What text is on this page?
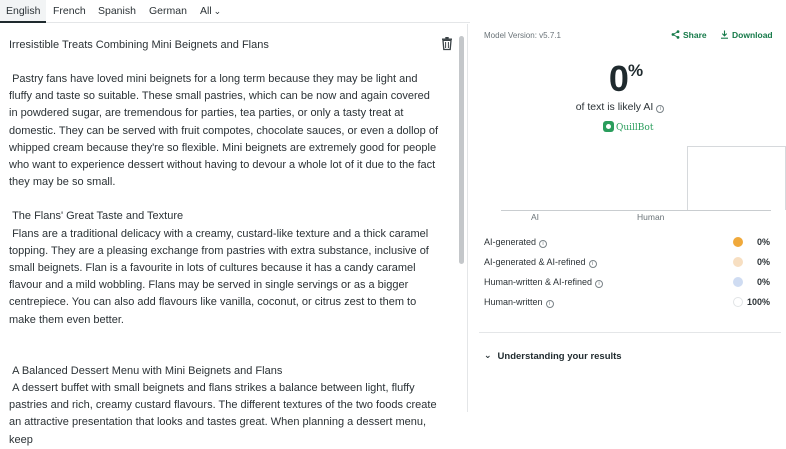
English	French	Spanish	German	All ⌄
Irresistible Treats Combining Mini Beignets and Flans

Pastry fans have loved mini beignets for a long term because they may be light and fluffy and taste so suitable. These small pastries, which can be now and again covered in powdered sugar, are tremendous for parties, tea parties, or only a tasty treat at domestic. They can be served with fruit compotes, chocolate sauces, or even a dollop of whipped cream because they're so flexible. Mini beignets are extremely good for people who want to experience dessert without having to devour a whole lot of it due to the fact they may be so small.

The Flans' Great Taste and Texture

Flans are a traditional delicacy with a creamy, custard-like texture and a thick caramel topping. They are a pleasing exchange from pastries with extra substance, inclusive of small beignets. Flan is a favourite in lots of cultures because it has a candy caramel flavour and a mild wobbling. Flans may be served in single servings or as a bigger centrepiece. You can also add flavours like vanilla, coconut, or citrus zest to them to make them even better.

A Balanced Dessert Menu with Mini Beignets and Flans

A dessert buffet with small beignets and flans strikes a balance between light, fluffy pastries and rich, creamy custard flavours. The different textures of the two foods create an attractive presentation that looks and tastes great. When planning a dessert menu, keep

Model Version: v5.7.1	Share	Download
0%
of text is likely AI i
QuillBot
AI	Human
AI-generated i	0%
AI-generated & AI-refined i	0%
Human-written & AI-refined i	0%
Human-written i	100%
⌄ Understanding your results
